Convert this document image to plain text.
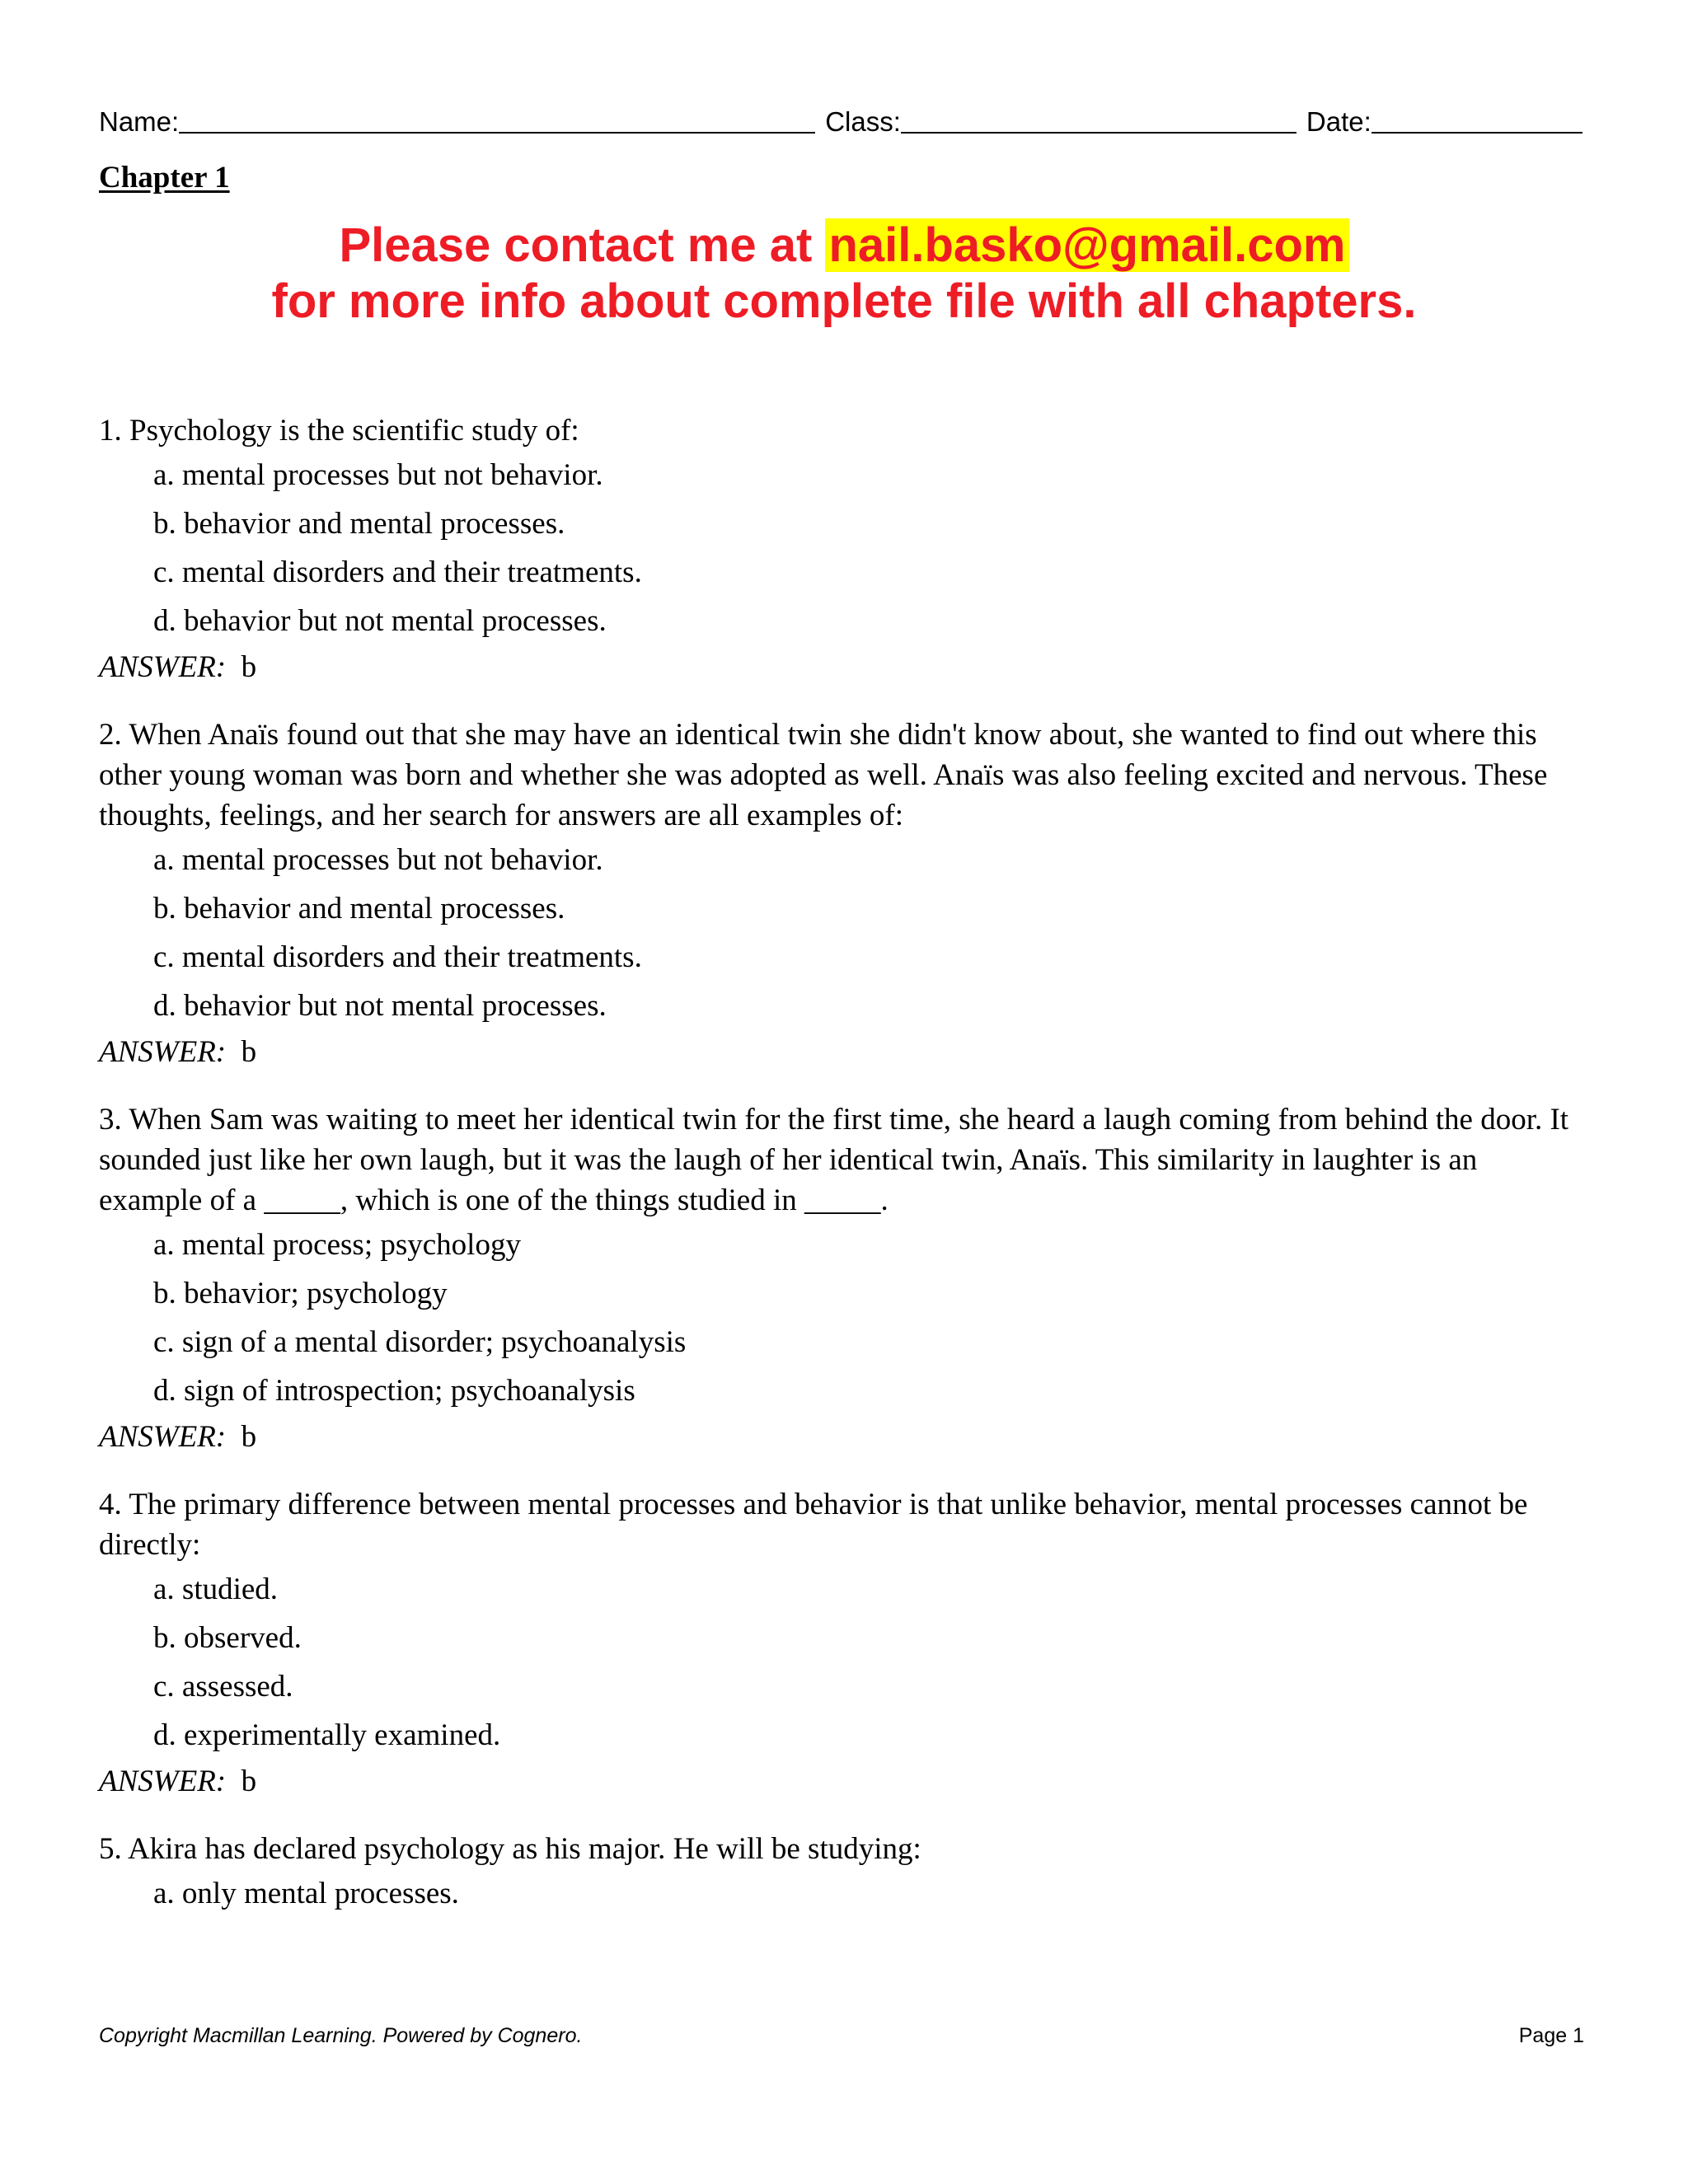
Name:	Class:	Date:
Chapter 1
Please contact me at nail.basko@gmail.com
for more info about complete file with all chapters.
1. Psychology is the scientific study of:
a. mental processes but not behavior.
b. behavior and mental processes.
c. mental disorders and their treatments.
d. behavior but not mental processes.
ANSWER: b
2. When Anaïs found out that she may have an identical twin she didn't know about, she wanted to find out where this other young woman was born and whether she was adopted as well. Anaïs was also feeling excited and nervous. These thoughts, feelings, and her search for answers are all examples of:
a. mental processes but not behavior.
b. behavior and mental processes.
c. mental disorders and their treatments.
d. behavior but not mental processes.
ANSWER: b
3. When Sam was waiting to meet her identical twin for the first time, she heard a laugh coming from behind the door. It sounded just like her own laugh, but it was the laugh of her identical twin, Anaïs. This similarity in laughter is an example of a _____, which is one of the things studied in _____.
a. mental process; psychology
b. behavior; psychology
c. sign of a mental disorder; psychoanalysis
d. sign of introspection; psychoanalysis
ANSWER: b
4. The primary difference between mental processes and behavior is that unlike behavior, mental processes cannot be directly:
a. studied.
b. observed.
c. assessed.
d. experimentally examined.
ANSWER: b
5. Akira has declared psychology as his major. He will be studying:
a. only mental processes.
Copyright Macmillan Learning. Powered by Cognero.	Page 1
